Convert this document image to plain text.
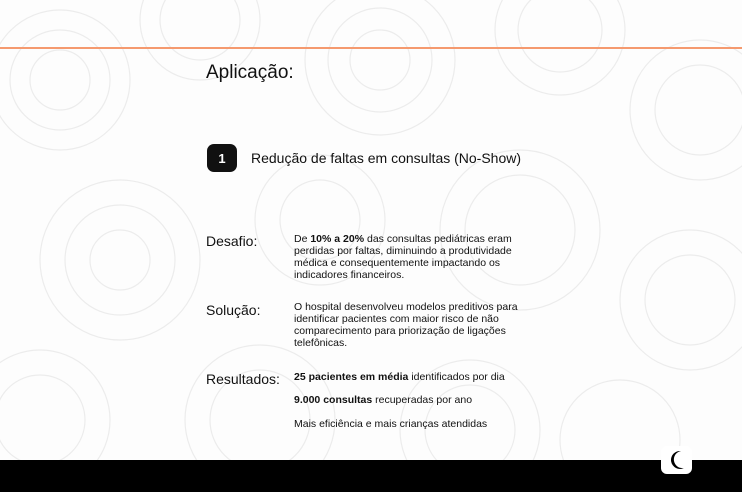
Aplicação:
1	Redução de faltas em consultas (No-Show)
Desafio:	De 10% a 20% das consultas pediátricas eram perdidas por faltas, diminuindo a produtividade médica e consequentemente impactando os indicadores financeiros.
Solução:	O hospital desenvolveu modelos preditivos para identificar pacientes com maior risco de não comparecimento para priorização de ligações telefônicas.
Resultados: 25 pacientes em média identificados por dia
9.000 consultas recuperadas por ano
Mais eficiência e mais crianças atendidas
